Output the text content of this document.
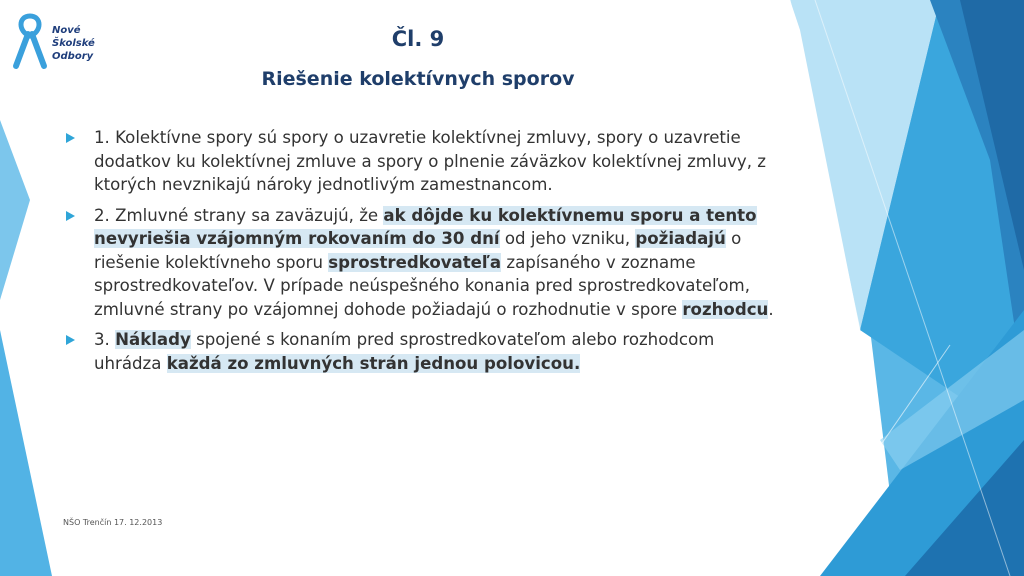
Nové
Školské
Odbory
Čl. 9
Riešenie kolektívnych sporov
1. Kolektívne spory sú spory o uzavretie kolektívnej zmluvy, spory o uzavretie dodatkov ku kolektívnej zmluve a spory o plnenie záväzkov kolektívnej zmluvy, z ktorých nevznikajú nároky jednotlivým zamestnancom.
2. Zmluvné strany sa zaväzujú, že ak dôjde ku kolektívnemu sporu a tento nevyriešia vzájomným rokovaním do 30 dní od jeho vzniku, požiadajú o riešenie kolektívneho sporu sprostredkovateľa zapísaného v zozname sprostredkovateľov. V prípade neúspešného konania pred sprostredkovateľom, zmluvné strany po vzájomnej dohode požiadajú o rozhodnutie v spore rozhodcu.
3. Náklady spojené s konaním pred sprostredkovateľom alebo rozhodcom uhrádza každá zo zmluvných strán jednou polovicou.
NŠO Trenčín 17. 12.2013
